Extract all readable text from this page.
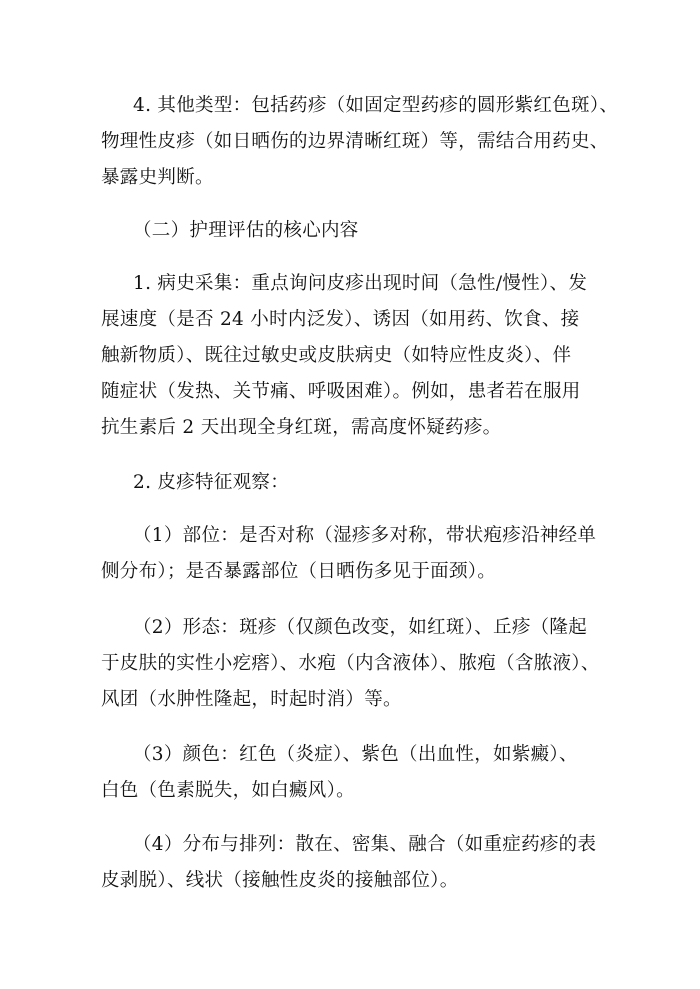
4. 其他类型：包括药疹（如固定型药疹的圆形紫红色斑）、
物理性皮疹（如日晒伤的边界清晰红斑）等，需结合用药史、
暴露史判断。
（二）护理评估的核心内容
1. 病史采集：重点询问皮疹出现时间（急性/慢性）、发
展速度（是否 24 小时内泛发）、诱因（如用药、饮食、接
触新物质）、既往过敏史或皮肤病史（如特应性皮炎）、伴
随症状（发热、关节痛、呼吸困难）。例如，患者若在服用
抗生素后 2 天出现全身红斑，需高度怀疑药疹。
2. 皮疹特征观察：
（1）部位：是否对称（湿疹多对称，带状疱疹沿神经单
侧分布）；是否暴露部位（日晒伤多见于面颈）。
（2）形态：斑疹（仅颜色改变，如红斑）、丘疹（隆起
于皮肤的实性小疙瘩）、水疱（内含液体）、脓疱（含脓液）、
风团（水肿性隆起，时起时消）等。
（3）颜色：红色（炎症）、紫色（出血性，如紫癜）、
白色（色素脱失，如白癜风）。
（4）分布与排列：散在、密集、融合（如重症药疹的表
皮剥脱）、线状（接触性皮炎的接触部位）。
